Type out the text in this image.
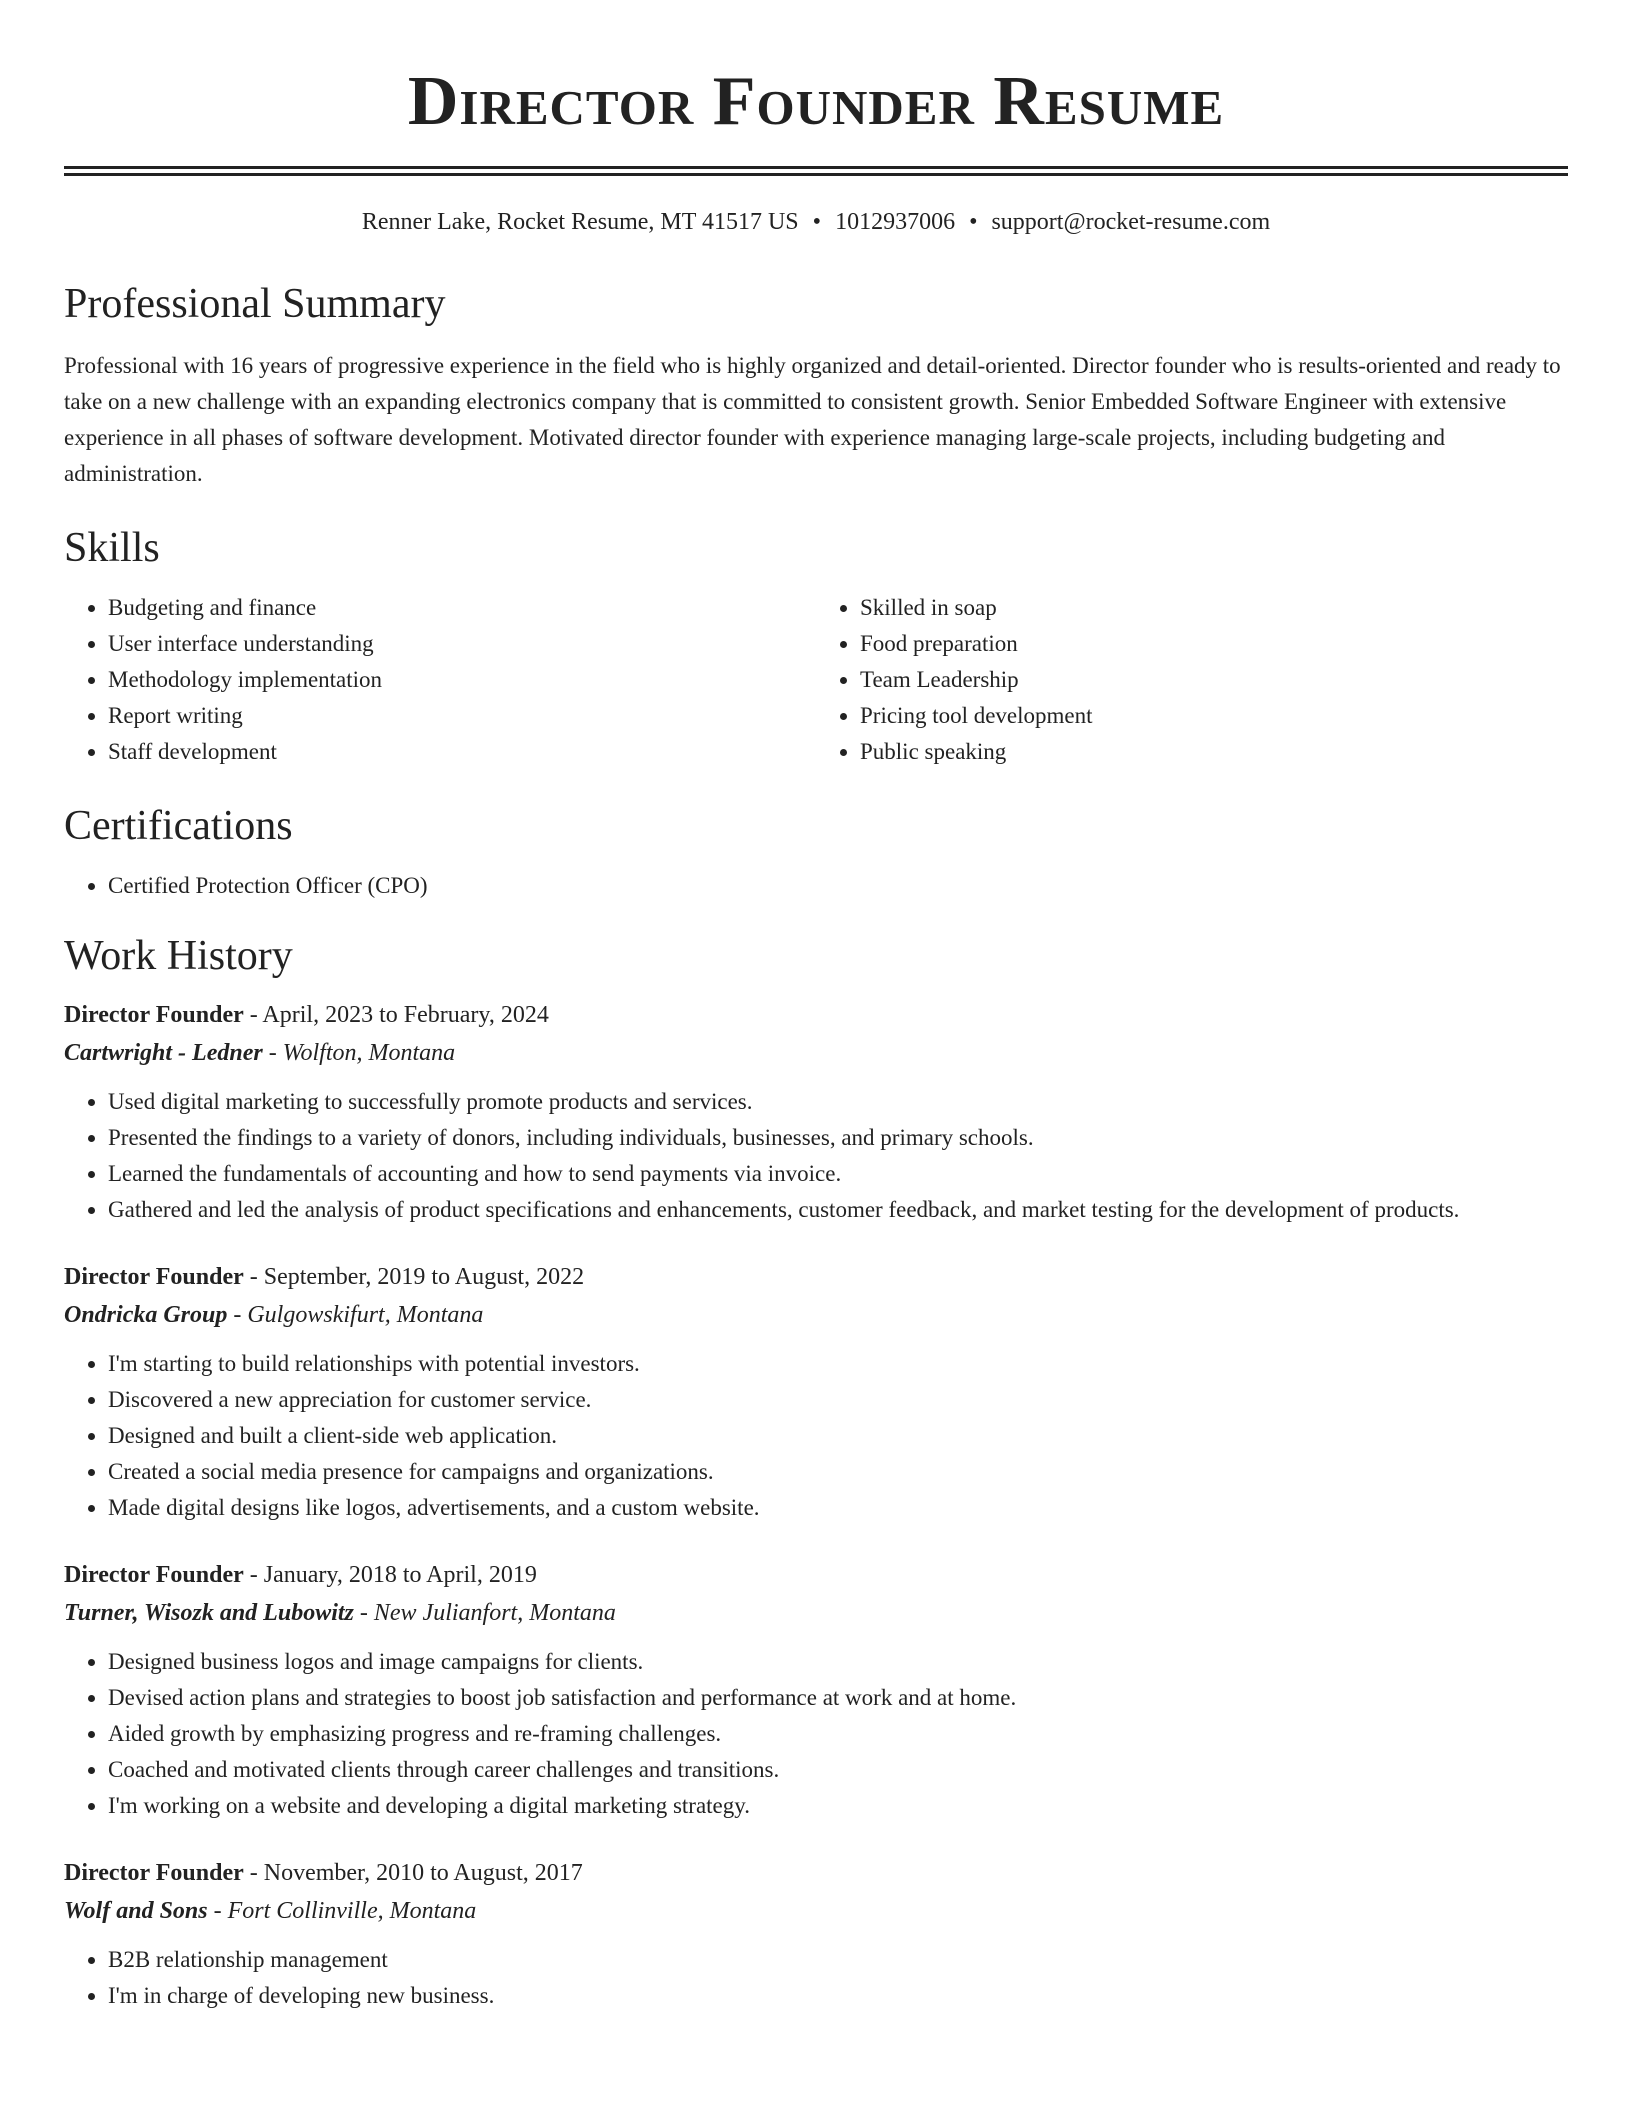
Director Founder Resume
Renner Lake, Rocket Resume, MT 41517 US • 1012937006 • support@rocket-resume.com
Professional Summary

Professional with 16 years of progressive experience in the field who is highly organized and detail-oriented. Director founder who is results-oriented and ready to take on a new challenge with an expanding electronics company that is committed to consistent growth. Senior Embedded Software Engineer with extensive experience in all phases of software development. Motivated director founder with experience managing large-scale projects, including budgeting and administration.

Skills
• Budgeting and finance
• User interface understanding
• Methodology implementation
• Report writing
• Staff development
• Skilled in soap
• Food preparation
• Team Leadership
• Pricing tool development
• Public speaking
Certifications
• Certified Protection Officer (CPO)
Work History
Director Founder - April, 2023 to February, 2024
Cartwright - Ledner - Wolfton, Montana
• Used digital marketing to successfully promote products and services.
• Presented the findings to a variety of donors, including individuals, businesses, and primary schools.
• Learned the fundamentals of accounting and how to send payments via invoice.
• Gathered and led the analysis of product specifications and enhancements, customer feedback, and market testing for the development of products.
Director Founder - September, 2019 to August, 2022
Ondricka Group - Gulgowskifurt, Montana
• I'm starting to build relationships with potential investors.
• Discovered a new appreciation for customer service.
• Designed and built a client-side web application.
• Created a social media presence for campaigns and organizations.
• Made digital designs like logos, advertisements, and a custom website.
Director Founder - January, 2018 to April, 2019
Turner, Wisozk and Lubowitz - New Julianfort, Montana
• Designed business logos and image campaigns for clients.
• Devised action plans and strategies to boost job satisfaction and performance at work and at home.
• Aided growth by emphasizing progress and re-framing challenges.
• Coached and motivated clients through career challenges and transitions.
• I'm working on a website and developing a digital marketing strategy.
Director Founder - November, 2010 to August, 2017
Wolf and Sons - Fort Collinville, Montana
• B2B relationship management
• I'm in charge of developing new business.
